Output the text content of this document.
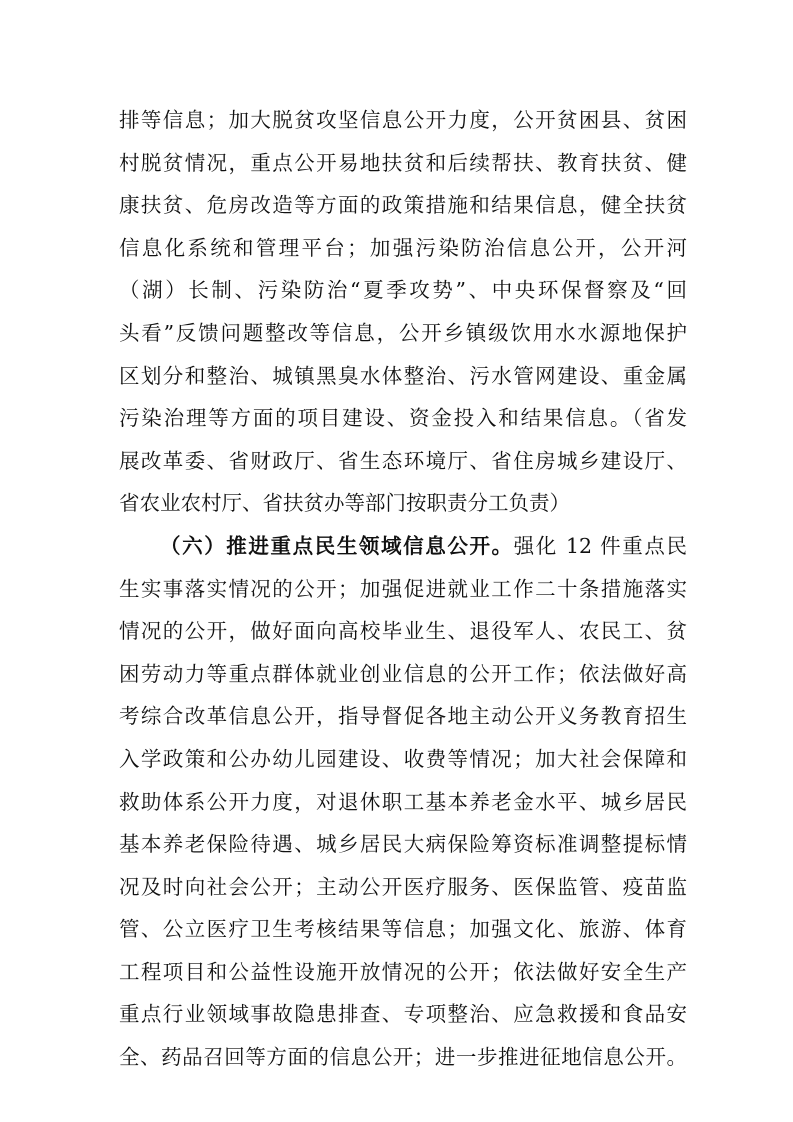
排等信息；加大脱贫攻坚信息公开力度，公开贫困县、贫困
村脱贫情况，重点公开易地扶贫和后续帮扶、教育扶贫、健
康扶贫、危房改造等方面的政策措施和结果信息，健全扶贫
信息化系统和管理平台；加强污染防治信息公开，公开河
（湖）长制、污染防治“夏季攻势”、中央环保督察及“回
头看”反馈问题整改等信息，公开乡镇级饮用水水源地保护
区划分和整治、城镇黑臭水体整治、污水管网建设、重金属
污染治理等方面的项目建设、资金投入和结果信息。（省发
展改革委、省财政厅、省生态环境厅、省住房城乡建设厅、
省农业农村厅、省扶贫办等部门按职责分工负责）
（六）推进重点民生领域信息公开。强化 12 件重点民
生实事落实情况的公开；加强促进就业工作二十条措施落实
情况的公开，做好面向高校毕业生、退役军人、农民工、贫
困劳动力等重点群体就业创业信息的公开工作；依法做好高
考综合改革信息公开，指导督促各地主动公开义务教育招生
入学政策和公办幼儿园建设、收费等情况；加大社会保障和
救助体系公开力度，对退休职工基本养老金水平、城乡居民
基本养老保险待遇、城乡居民大病保险筹资标准调整提标情
况及时向社会公开；主动公开医疗服务、医保监管、疫苗监
管、公立医疗卫生考核结果等信息；加强文化、旅游、体育
工程项目和公益性设施开放情况的公开；依法做好安全生产
重点行业领域事故隐患排查、专项整治、应急救援和食品安
全、药品召回等方面的信息公开；进一步推进征地信息公开。
